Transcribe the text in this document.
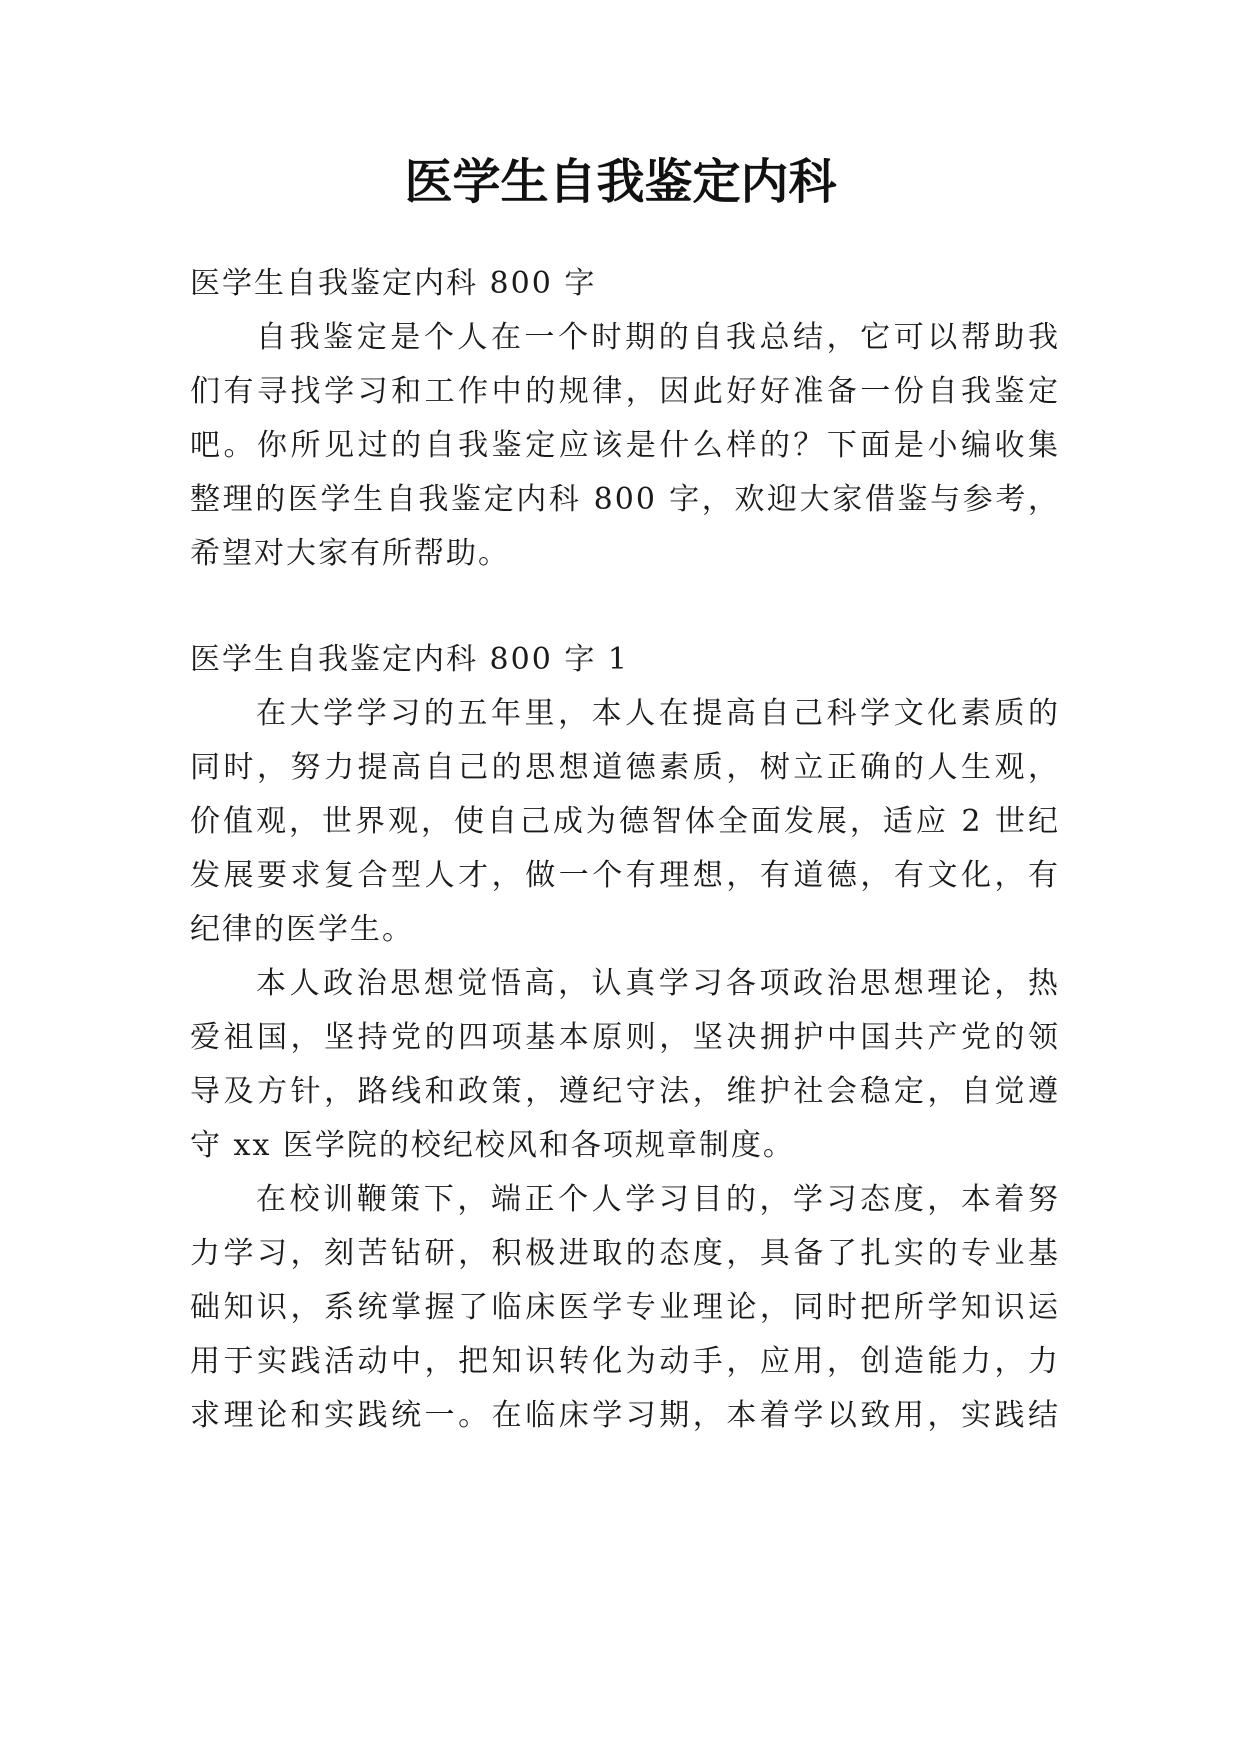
医学生自我鉴定内科
医学生自我鉴定内科 800 字
自我鉴定是个人在一个时期的自我总结，它可以帮助我
们有寻找学习和工作中的规律，因此好好准备一份自我鉴定
吧。你所见过的自我鉴定应该是什么样的？下面是小编收集
整理的医学生自我鉴定内科 800 字，欢迎大家借鉴与参考，
希望对大家有所帮助。
医学生自我鉴定内科 800 字 1
在大学学习的五年里，本人在提高自己科学文化素质的
同时，努力提高自己的思想道德素质，树立正确的人生观，
价值观，世界观，使自己成为德智体全面发展，适应 2 世纪
发展要求复合型人才，做一个有理想，有道德，有文化，有
纪律的医学生。
本人政治思想觉悟高，认真学习各项政治思想理论，热
爱祖国，坚持党的四项基本原则，坚决拥护中国共产党的领
导及方针，路线和政策，遵纪守法，维护社会稳定，自觉遵
守 xx 医学院的校纪校风和各项规章制度。
在校训鞭策下，端正个人学习目的，学习态度，本着努
力学习，刻苦钻研，积极进取的态度，具备了扎实的专业基
础知识，系统掌握了临床医学专业理论，同时把所学知识运
用于实践活动中，把知识转化为动手，应用，创造能力，力
求理论和实践统一。在临床学习期，本着学以致用，实践结
